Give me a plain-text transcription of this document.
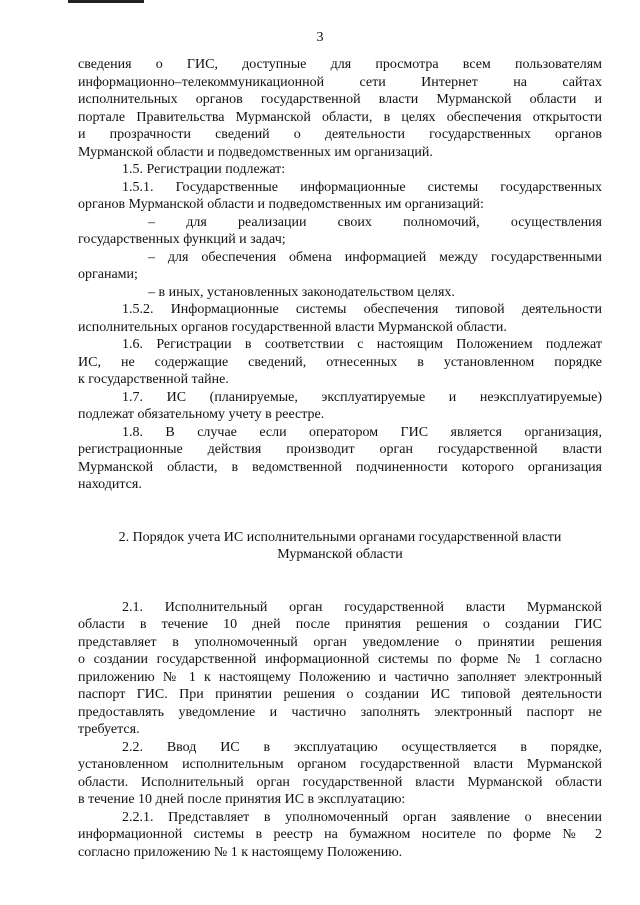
3
сведения о ГИС, доступные для просмотра всем пользователям
информационно–телекоммуникационной сети Интернет на сайтах
исполнительных органов государственной власти Мурманской области и
портале Правительства Мурманской области, в целях обеспечения открытости
и прозрачности сведений о деятельности государственных органов
Мурманской области и подведомственных им организаций.
1.5. Регистрации подлежат:
1.5.1. Государственные информационные системы государственных
органов Мурманской области и подведомственных им организаций:
– для реализации своих полномочий, осуществления
государственных функций и задач;
– для обеспечения обмена информацией между государственными
органами;
– в иных, установленных законодательством целях.
1.5.2. Информационные системы обеспечения типовой деятельности
исполнительных органов государственной власти Мурманской области.
1.6. Регистрации в соответствии с настоящим Положением подлежат
ИС, не содержащие сведений, отнесенных в установленном порядке
к государственной тайне.
1.7. ИС (планируемые, эксплуатируемые и неэксплуатируемые)
подлежат обязательному учету в реестре.
1.8. В случае если оператором ГИС является организация,
регистрационные действия производит орган государственной власти
Мурманской области, в ведомственной подчиненности которого организация
находится.
2. Порядок учета ИС исполнительными органами государственной власти
Мурманской области
2.1. Исполнительный орган государственной власти Мурманской
области в течение 10 дней после принятия решения о создании ГИС
представляет в уполномоченный орган уведомление о принятии решения
о создании государственной информационной системы по форме № 1 согласно
приложению № 1 к настоящему Положению и частично заполняет электронный
паспорт ГИС. При принятии решения о создании ИС типовой деятельности
предоставлять уведомление и частично заполнять электронный паспорт не
требуется.
2.2. Ввод ИС в эксплуатацию осуществляется в порядке,
установленном исполнительным органом государственной власти Мурманской
области. Исполнительный орган государственной власти Мурманской области
в течение 10 дней после принятия ИС в эксплуатацию:
2.2.1. Представляет в уполномоченный орган заявление о внесении
информационной системы в реестр на бумажном носителе по форме № 2
согласно приложению № 1 к настоящему Положению.
